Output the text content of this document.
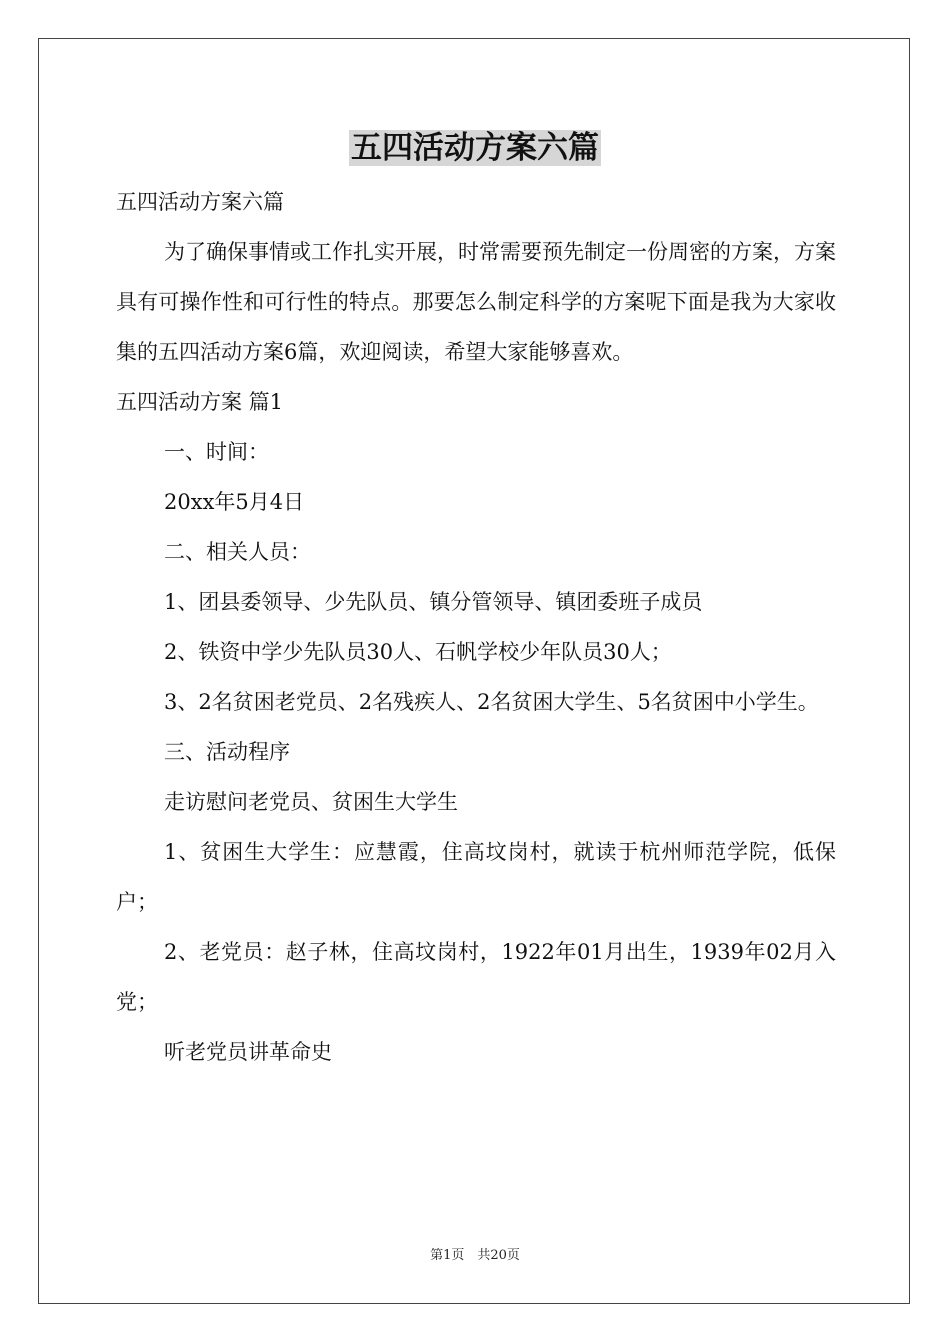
五四活动方案六篇

五四活动方案六篇

为了确保事情或工作扎实开展，时常需要预先制定一份周密的方案，方案具有可操作性和可行性的特点。那要怎么制定科学的方案呢下面是我为大家收集的五四活动方案6篇，欢迎阅读，希望大家能够喜欢。

五四活动方案 篇1

一、时间：

20xx年5月4日

二、相关人员：

1、团县委领导、少先队员、镇分管领导、镇团委班子成员

2、铁资中学少先队员30人、石帆学校少年队员30人；

3、2名贫困老党员、2名残疾人、2名贫困大学生、5名贫困中小学生。

三、活动程序

走访慰问老党员、贫困生大学生

1、贫困生大学生：应慧霞，住高坟岗村，就读于杭州师范学院，低保户；

2、老党员：赵子林，住高坟岗村，1922年01月出生，1939年02月入党；

听老党员讲革命史

第1页　共20页
